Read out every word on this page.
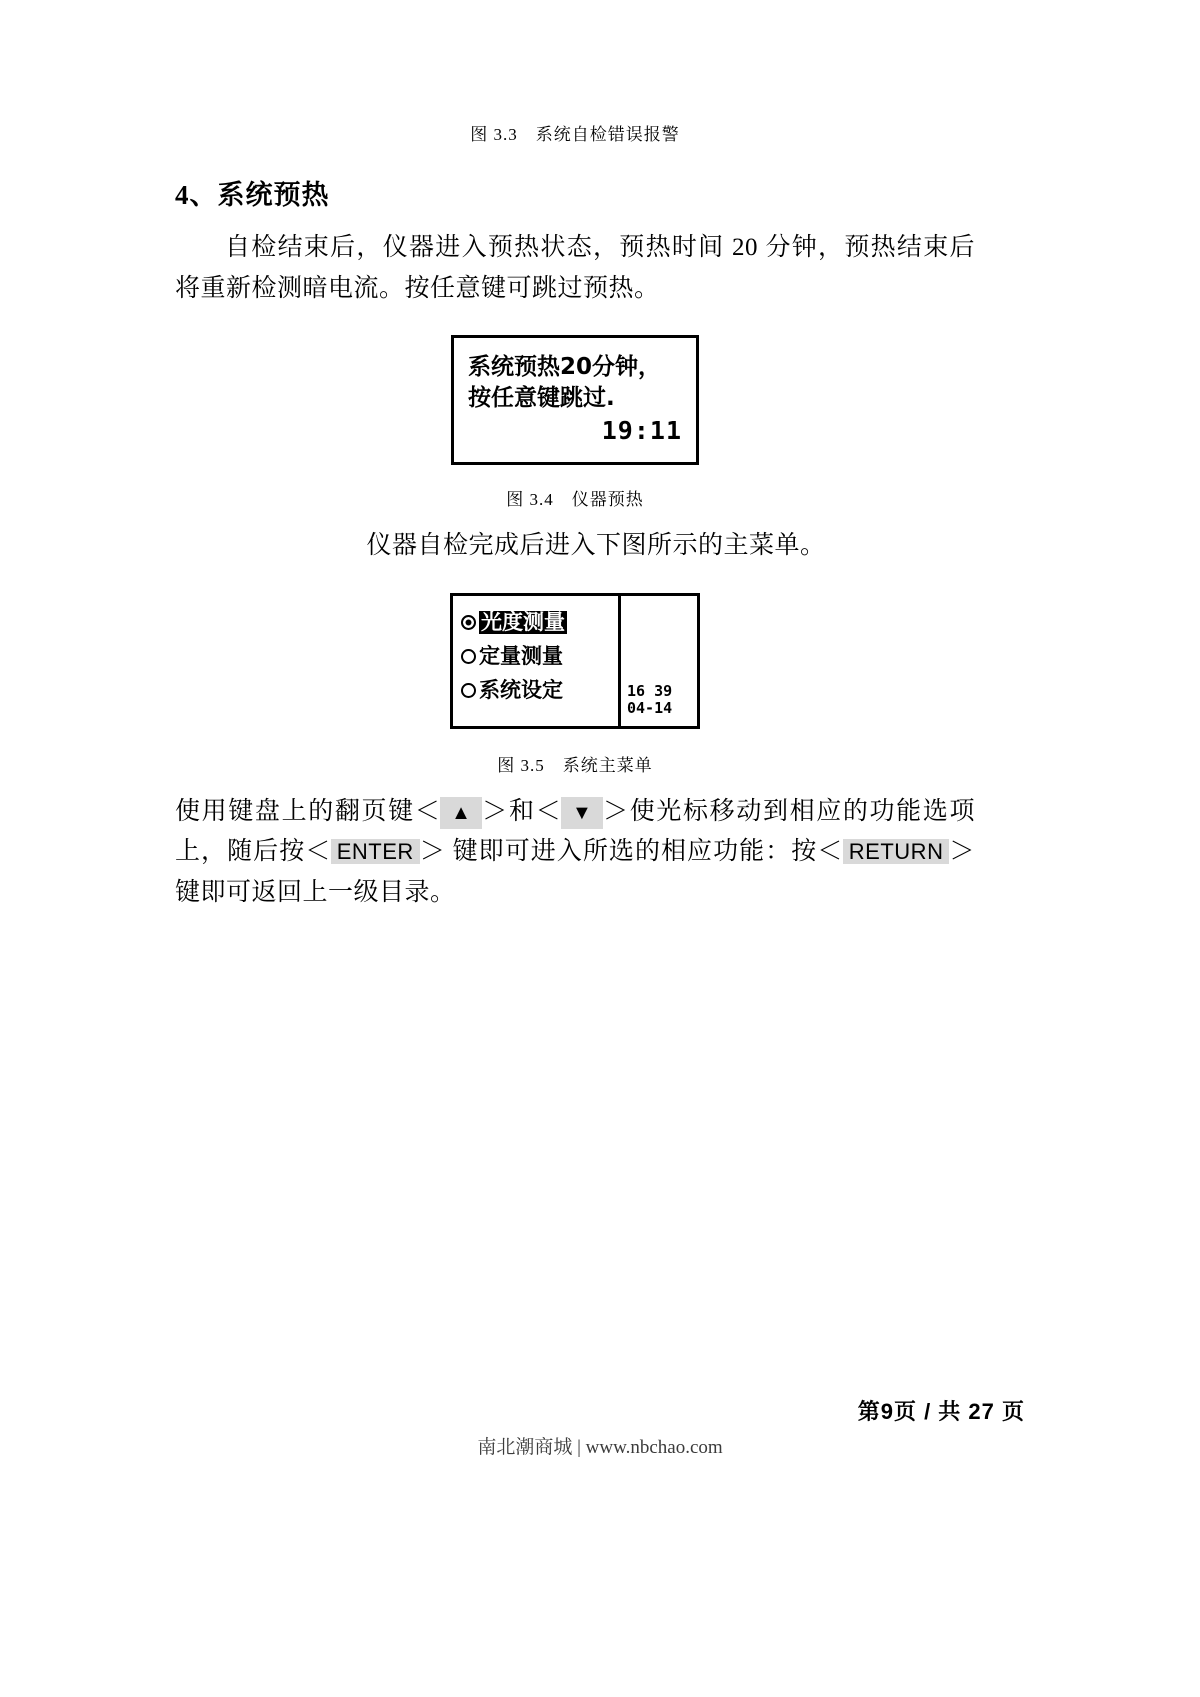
图 3.3 系统自检错误报警

4、系统预热

自检结束后，仪器进入预热状态，预热时间 20 分钟，预热结束后将重新检测暗电流。按任意键可跳过预热。

系统预热20分钟，
按任意键跳过.
19:11

图 3.4 仪器预热

仪器自检完成后进入下图所示的主菜单。

光度测量
定量测量
系统设定	16 39
04-14

图 3.5 系统主菜单

使用键盘上的翻页键＜ ▲ ＞和＜ ▼ ＞使光标移动到相应的功能选项上，随后按＜ ENTER ＞ 键即可进入所选的相应功能：按＜ RETURN ＞ 键即可返回上一级目录。

第9页 / 共 27 页
南北潮商城 | www.nbchao.com
